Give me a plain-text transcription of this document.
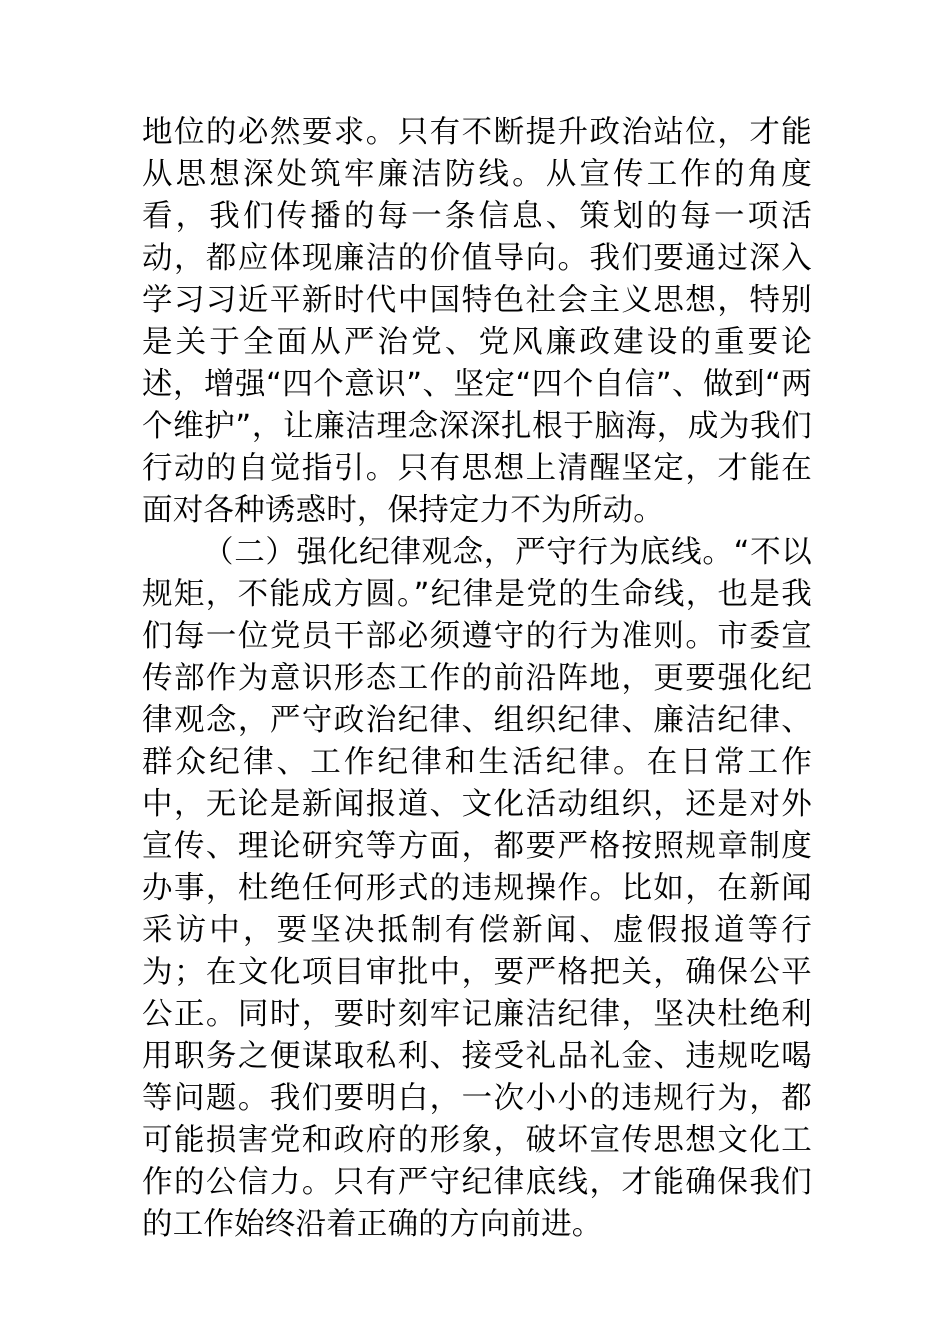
地位的必然要求。只有不断提升政治站位，才能从思想深处筑牢廉洁防线。从宣传工作的角度看，我们传播的每一条信息、策划的每一项活动，都应体现廉洁的价值导向。我们要通过深入学习习近平新时代中国特色社会主义思想，特别是关于全面从严治党、党风廉政建设的重要论述，增强“四个意识”、坚定“四个自信”、做到“两个维护”，让廉洁理念深深扎根于脑海，成为我们行动的自觉指引。只有思想上清醒坚定，才能在面对各种诱惑时，保持定力不为所动。

（二）强化纪律观念，严守行为底线。“不以规矩，不能成方圆。”纪律是党的生命线，也是我们每一位党员干部必须遵守的行为准则。市委宣传部作为意识形态工作的前沿阵地，更要强化纪律观念，严守政治纪律、组织纪律、廉洁纪律、群众纪律、工作纪律和生活纪律。在日常工作中，无论是新闻报道、文化活动组织，还是对外宣传、理论研究等方面，都要严格按照规章制度办事，杜绝任何形式的违规操作。比如，在新闻采访中，要坚决抵制有偿新闻、虚假报道等行为；在文化项目审批中，要严格把关，确保公平公正。同时，要时刻牢记廉洁纪律，坚决杜绝利用职务之便谋取私利、接受礼品礼金、违规吃喝等问题。我们要明白，一次小小的违规行为，都可能损害党和政府的形象，破坏宣传思想文化工作的公信力。只有严守纪律底线，才能确保我们的工作始终沿着正确的方向前进。
